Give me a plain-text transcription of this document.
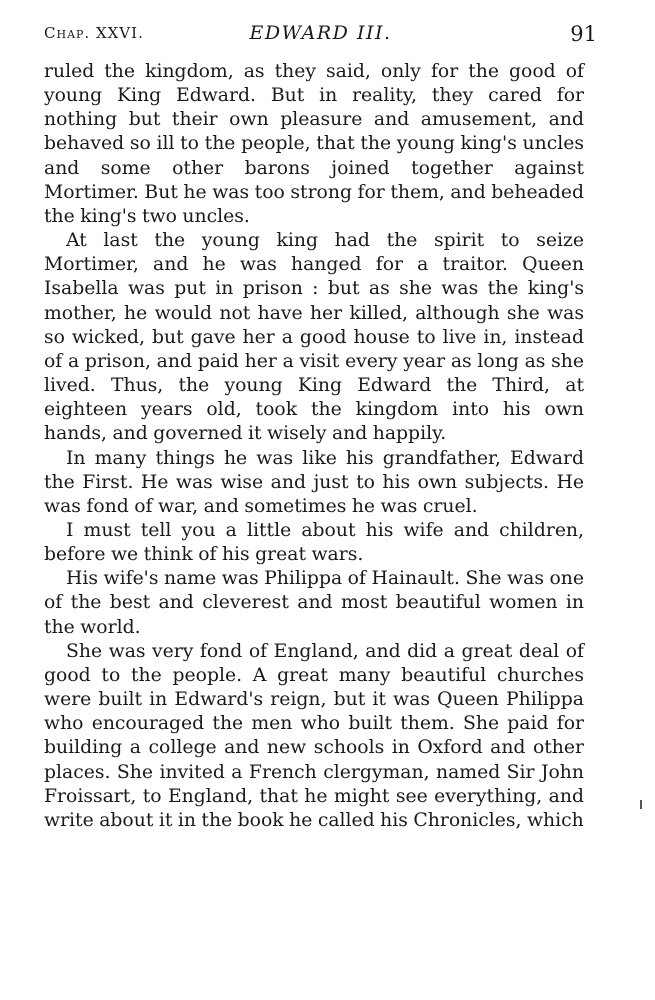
Chap. XXVI.	EDWARD III.	91

ruled the kingdom, as they said, only for the good of young King Edward. But in reality, they cared for nothing but their own pleasure and amusement, and behaved so ill to the people, that the young king's uncles and some other barons joined together against Mortimer. But he was too strong for them, and beheaded the king's two uncles.

At last the young king had the spirit to seize Mortimer, and he was hanged for a traitor. Queen Isabella was put in prison : but as she was the king's mother, he would not have her killed, although she was so wicked, but gave her a good house to live in, instead of a prison, and paid her a visit every year as long as she lived. Thus, the young King Edward the Third, at eighteen years old, took the kingdom into his own hands, and governed it wisely and happily.

In many things he was like his grandfather, Edward the First. He was wise and just to his own subjects. He was fond of war, and sometimes he was cruel.

I must tell you a little about his wife and children, before we think of his great wars.

His wife's name was Philippa of Hainault. She was one of the best and cleverest and most beautiful women in the world.

She was very fond of England, and did a great deal of good to the people. A great many beautiful churches were built in Edward's reign, but it was Queen Philippa who encouraged the men who built them. She paid for building a college and new schools in Oxford and other places. She invited a French clergyman, named Sir John Froissart, to England, that he might see everything, and write about it in the book he called his Chronicles, which
